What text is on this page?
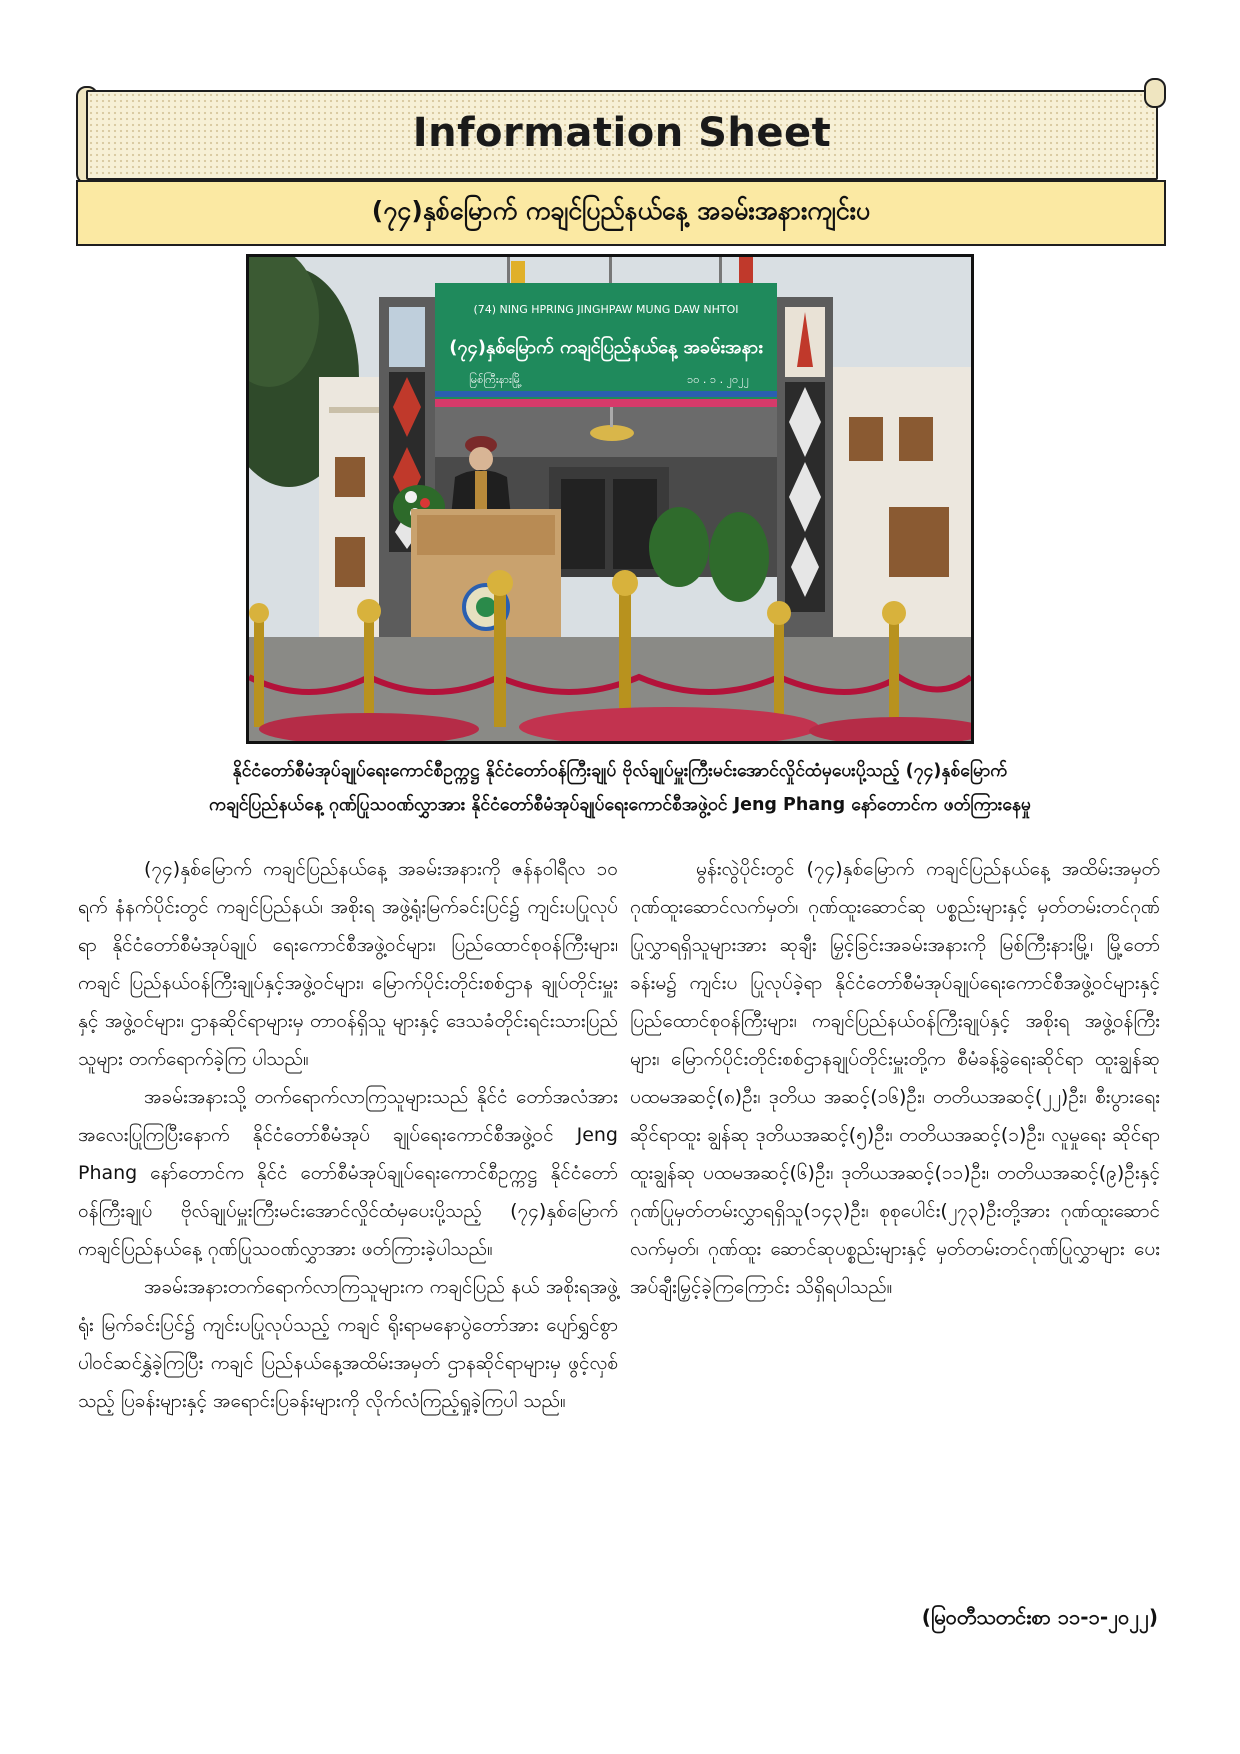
Information Sheet
(၇၄)နှစ်မြောက် ကချင်ပြည်နယ်နေ့ အခမ်းအနားကျင်းပ
(74) NING HPRING JINGHPAW MUNG DAW NHTOI
(၇၄)နှစ်မြောက် ကချင်ပြည်နယ်နေ့ အခမ်းအနား
မြစ်ကြီးနားမြို့	၁၀ . ၁ . ၂၀၂၂
နိုင်ငံတော်စီမံအုပ်ချုပ်ရေးကောင်စီဥက္ကဋ္ဌ နိုင်ငံတော်ဝန်ကြီးချုပ် ဗိုလ်ချုပ်မှူးကြီးမင်းအောင်လှိုင်ထံမှပေးပို့သည့် (၇၄)နှစ်မြောက်
ကချင်ပြည်နယ်နေ့ ဂုဏ်ပြုသဝဏ်လွှာအား နိုင်ငံတော်စီမံအုပ်ချုပ်ရေးကောင်စီအဖွဲ့ဝင် Jeng Phang နော်တောင်က ဖတ်ကြားနေမှု

(၇၄)နှစ်မြောက် ကချင်ပြည်နယ်နေ့ အခမ်းအနားကို ဇန်နဝါရီလ ၁၀ ရက် နံနက်ပိုင်းတွင် ကချင်ပြည်နယ်၊ အစိုးရ အဖွဲ့ရုံးမြက်ခင်းပြင်၌ ကျင်းပပြုလုပ်ရာ နိုင်ငံတော်စီမံအုပ်ချုပ် ရေးကောင်စီအဖွဲ့ဝင်များ၊ ပြည်ထောင်စုဝန်ကြီးများ၊ ကချင် ပြည်နယ်ဝန်ကြီးချုပ်နှင့်အဖွဲ့ဝင်များ၊ မြောက်ပိုင်းတိုင်းစစ်ဌာန ချုပ်တိုင်းမှူးနှင့် အဖွဲ့ဝင်များ၊ ဌာနဆိုင်ရာများမှ တာဝန်ရှိသူ များနှင့် ဒေသခံတိုင်းရင်းသားပြည်သူများ တက်ရောက်ခဲ့ကြ ပါသည်။

အခမ်းအနားသို့ တက်ရောက်လာကြသူများသည် နိုင်ငံ တော်အလံအား အလေးပြုကြပြီးနောက် နိုင်ငံတော်စီမံအုပ် ချုပ်ရေးကောင်စီအဖွဲ့ဝင် Jeng Phang နော်တောင်က နိုင်ငံ တော်စီမံအုပ်ချုပ်ရေးကောင်စီဥက္ကဋ္ဌ နိုင်ငံတော်ဝန်ကြီးချုပ် ဗိုလ်ချုပ်မှူးကြီးမင်းအောင်လှိုင်ထံမှပေးပို့သည့် (၇၄)နှစ်မြောက် ကချင်ပြည်နယ်နေ့ ဂုဏ်ပြုသဝဏ်လွှာအား ဖတ်ကြားခဲ့ပါသည်။

အခမ်းအနားတက်ရောက်လာကြသူများက ကချင်ပြည် နယ် အစိုးရအဖွဲ့ရုံး မြက်ခင်းပြင်၌ ကျင်းပပြုလုပ်သည့် ကချင် ရိုးရာမနောပွဲတော်အား ပျော်ရွှင်စွာပါဝင်ဆင်နွှဲခဲ့ကြပြီး ကချင် ပြည်နယ်နေ့အထိမ်းအမှတ် ဌာနဆိုင်ရာများမှ ဖွင့်လှစ်သည့် ပြခန်းများနှင့် အရောင်းပြခန်းများကို လိုက်လံကြည့်ရှုခဲ့ကြပါ သည်။

မွန်းလွဲပိုင်းတွင် (၇၄)နှစ်မြောက် ကချင်ပြည်နယ်နေ့ အထိမ်းအမှတ် ဂုဏ်ထူးဆောင်လက်မှတ်၊ ဂုဏ်ထူးဆောင်ဆု ပစ္စည်းများနှင့် မှတ်တမ်းတင်ဂုဏ်ပြုလွှာရရှိသူများအား ဆုချီး မြှင့်ခြင်းအခမ်းအနားကို မြစ်ကြီးနားမြို့၊ မြို့တော်ခန်းမ၌ ကျင်းပ ပြုလုပ်ခဲ့ရာ နိုင်ငံတော်စီမံအုပ်ချုပ်ရေးကောင်စီအဖွဲ့ဝင်များနှင့် ပြည်ထောင်စုဝန်ကြီးများ၊ ကချင်ပြည်နယ်ဝန်ကြီးချုပ်နှင့် အစိုးရ အဖွဲ့ဝန်ကြီးများ၊ မြောက်ပိုင်းတိုင်းစစ်ဌာနချုပ်တိုင်းမှူးတို့က စီမံခန့်ခွဲရေးဆိုင်ရာ ထူးချွန်ဆုပထမအဆင့်(၈)ဦး၊ ဒုတိယ အဆင့်(၁၆)ဦး၊ တတိယအဆင့်(၂၂)ဦး၊ စီးပွားရေးဆိုင်ရာထူး ချွန်ဆု ဒုတိယအဆင့်(၅)ဦး၊ တတိယအဆင့်(၁)ဦး၊ လူမှုရေး ဆိုင်ရာထူးချွန်ဆု ပထမအဆင့်(၆)ဦး၊ ဒုတိယအဆင့်(၁၁)ဦး၊ တတိယအဆင့်(၉)ဦးနှင့် ဂုဏ်ပြုမှတ်တမ်းလွှာရရှိသူ(၁၄၃)ဦး၊ စုစုပေါင်း(၂၇၃)ဦးတို့အား ဂုဏ်ထူးဆောင်လက်မှတ်၊ ဂုဏ်ထူး ဆောင်ဆုပစ္စည်းများနှင့် မှတ်တမ်းတင်ဂုဏ်ပြုလွှာများ ပေး အပ်ချီးမြှင့်ခဲ့ကြကြောင်း သိရှိရပါသည်။

(မြဝတီသတင်းစာ ၁၁-၁-၂၀၂၂)
